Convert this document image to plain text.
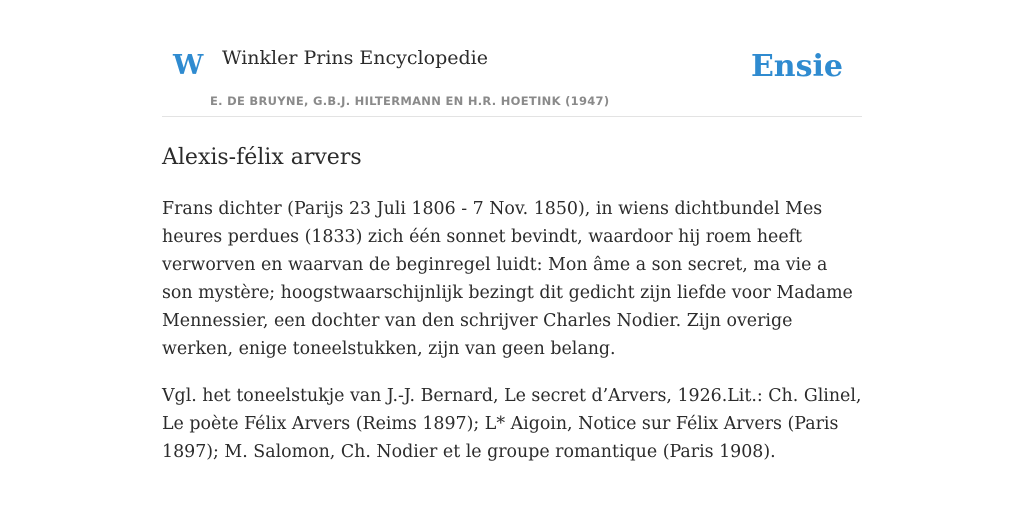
W Winkler Prins Encyclopedie
E. DE BRUYNE, G.B.J. HILTERMANN EN H.R. HOETINK (1947)
Ensie
Alexis-félix arvers

Frans dichter (Parijs 23 Juli 1806 - 7 Nov. 1850), in wiens dichtbundel Mes heures perdues (1833) zich één sonnet bevindt, waardoor hij roem heeft verworven en waarvan de beginregel luidt: Mon âme a son secret, ma vie a son mystère; hoogstwaarschijnlijk bezingt dit gedicht zijn liefde voor Madame Mennessier, een dochter van den schrijver Charles Nodier. Zijn overige werken, enige toneelstukken, zijn van geen belang.

Vgl. het toneelstukje van J.-J. Bernard, Le secret d’Arvers, 1926.Lit.: Ch. Glinel, Le poète Félix Arvers (Reims 1897); L* Aigoin, Notice sur Félix Arvers (Paris 1897); M. Salomon, Ch. Nodier et le groupe romantique (Paris 1908).
